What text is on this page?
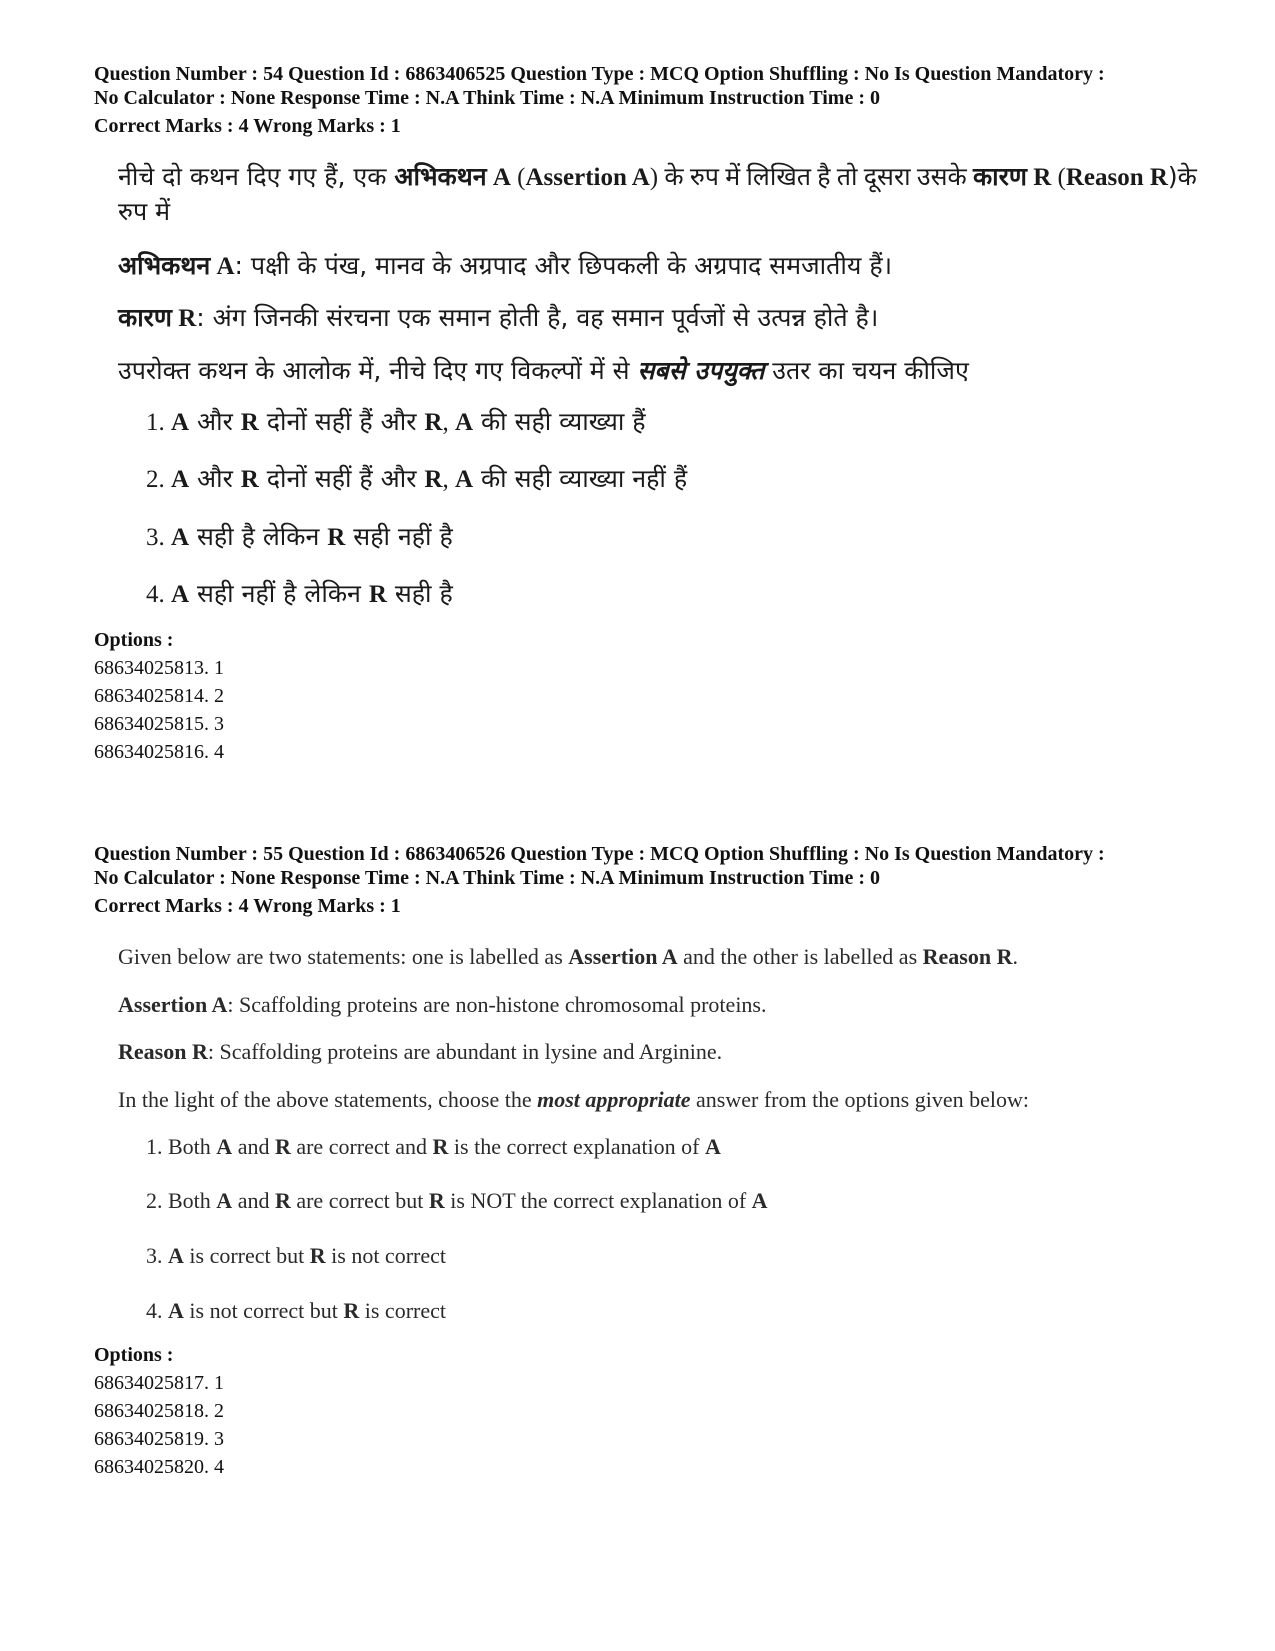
Question Number : 54 Question Id : 6863406525 Question Type : MCQ Option Shuffling : No Is Question Mandatory :

No Calculator : None Response Time : N.A Think Time : N.A Minimum Instruction Time : 0

Correct Marks : 4 Wrong Marks : 1

नीचे दो कथन दिए गए हैं, एक अभिकथन A (Assertion A) के रुप में लिखित है तो दूसरा उसके कारण R (Reason R)के रुप में

अभिकथन A: पक्षी के पंख, मानव के अग्रपाद और छिपकली के अग्रपाद समजातीय हैं।

कारण R: अंग जिनकी संरचना एक समान होती है, वह समान पूर्वजों से उत्पन्न होते है।

उपरोक्त कथन के आलोक में, नीचे दिए गए विकल्पों में से सबसे उपयुक्त उतर का चयन कीजिए

1. A और R दोनों सहीं हैं और R, A की सही व्याख्या हैं
2. A और R दोनों सहीं हैं और R, A की सही व्याख्या नहीं हैं
3. A सही है लेकिन R सही नहीं है
4. A सही नहीं है लेकिन R सही है

Options :

68634025813. 1

68634025814. 2

68634025815. 3

68634025816. 4

Question Number : 55 Question Id : 6863406526 Question Type : MCQ Option Shuffling : No Is Question Mandatory :

No Calculator : None Response Time : N.A Think Time : N.A Minimum Instruction Time : 0

Correct Marks : 4 Wrong Marks : 1

Given below are two statements: one is labelled as Assertion A and the other is labelled as Reason R.

Assertion A: Scaffolding proteins are non-histone chromosomal proteins.

Reason R: Scaffolding proteins are abundant in lysine and Arginine.

In the light of the above statements, choose the most appropriate answer from the options given below:

1. Both A and R are correct and R is the correct explanation of A
2. Both A and R are correct but R is NOT the correct explanation of A
3. A is correct but R is not correct
4. A is not correct but R is correct

Options :

68634025817. 1

68634025818. 2

68634025819. 3

68634025820. 4
